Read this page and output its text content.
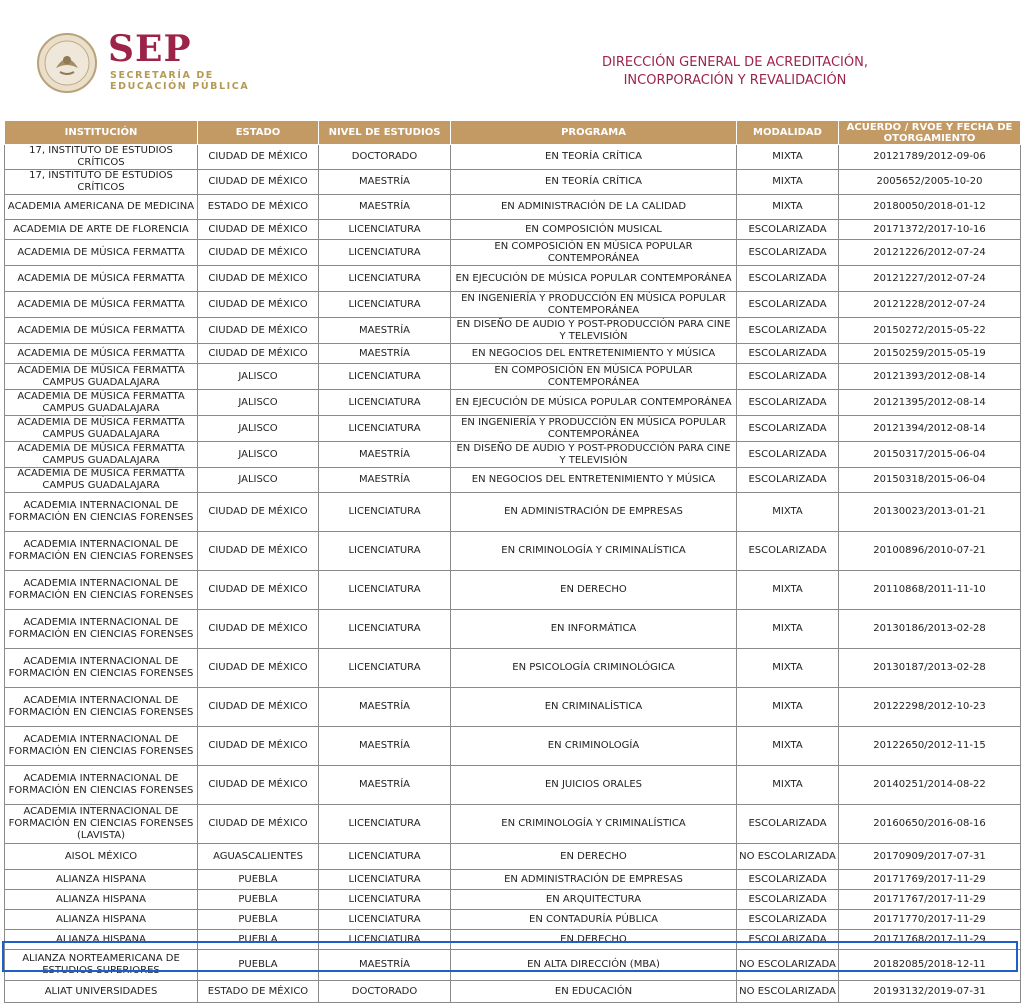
SEP
SECRETARÍA DE
EDUCACIÓN PÚBLICA
DIRECCIÓN GENERAL DE ACREDITACIÓN,
INCORPORACIÓN Y REVALIDACIÓN
INSTITUCIÓN	ESTADO	NIVEL DE ESTUDIOS	PROGRAMA	MODALIDAD	ACUERDO / RVOE Y FECHA DE OTORGAMIENTO
17, INSTITUTO DE ESTUDIOS CRÍTICOS	CIUDAD DE MÉXICO	DOCTORADO	EN TEORÍA CRÍTICA	MIXTA	20121789/2012-09-06
17, INSTITUTO DE ESTUDIOS CRÍTICOS	CIUDAD DE MÉXICO	MAESTRÍA	EN TEORÍA CRÍTICA	MIXTA	2005652/2005-10-20
ACADEMIA AMERICANA DE MEDICINA	ESTADO DE MÉXICO	MAESTRÍA	EN ADMINISTRACIÓN DE LA CALIDAD	MIXTA	20180050/2018-01-12
ACADEMIA DE ARTE DE FLORENCIA	CIUDAD DE MÉXICO	LICENCIATURA	EN COMPOSICIÓN MUSICAL	ESCOLARIZADA	20171372/2017-10-16
ACADEMIA DE MÚSICA FERMATTA	CIUDAD DE MÉXICO	LICENCIATURA	EN COMPOSICIÓN EN MÚSICA POPULAR CONTEMPORÁNEA	ESCOLARIZADA	20121226/2012-07-24
ACADEMIA DE MÚSICA FERMATTA	CIUDAD DE MÉXICO	LICENCIATURA	EN EJECUCIÓN DE MÚSICA POPULAR CONTEMPORÁNEA	ESCOLARIZADA	20121227/2012-07-24
ACADEMIA DE MÚSICA FERMATTA	CIUDAD DE MÉXICO	LICENCIATURA	EN INGENIERÍA Y PRODUCCIÓN EN MÚSICA POPULAR CONTEMPORÁNEA	ESCOLARIZADA	20121228/2012-07-24
ACADEMIA DE MÚSICA FERMATTA	CIUDAD DE MÉXICO	MAESTRÍA	EN DISEÑO DE AUDIO Y POST-PRODUCCIÓN PARA CINE Y TELEVISIÓN	ESCOLARIZADA	20150272/2015-05-22
ACADEMIA DE MÚSICA FERMATTA	CIUDAD DE MÉXICO	MAESTRÍA	EN NEGOCIOS DEL ENTRETENIMIENTO Y MÚSICA	ESCOLARIZADA	20150259/2015-05-19
ACADEMIA DE MÚSICA FERMATTA CAMPUS GUADALAJARA	JALISCO	LICENCIATURA	EN COMPOSICIÓN EN MÚSICA POPULAR CONTEMPORÁNEA	ESCOLARIZADA	20121393/2012-08-14
ACADEMIA DE MÚSICA FERMATTA CAMPUS GUADALAJARA	JALISCO	LICENCIATURA	EN EJECUCIÓN DE MÚSICA POPULAR CONTEMPORÁNEA	ESCOLARIZADA	20121395/2012-08-14
ACADEMIA DE MÚSICA FERMATTA CAMPUS GUADALAJARA	JALISCO	LICENCIATURA	EN INGENIERÍA Y PRODUCCIÓN EN MÚSICA POPULAR CONTEMPORÁNEA	ESCOLARIZADA	20121394/2012-08-14
ACADEMIA DE MÚSICA FERMATTA CAMPUS GUADALAJARA	JALISCO	MAESTRÍA	EN DISEÑO DE AUDIO Y POST-PRODUCCIÓN PARA CINE Y TELEVISIÓN	ESCOLARIZADA	20150317/2015-06-04
ACADEMIA DE MÚSICA FERMATTA CAMPUS GUADALAJARA	JALISCO	MAESTRÍA	EN NEGOCIOS DEL ENTRETENIMIENTO Y MÚSICA	ESCOLARIZADA	20150318/2015-06-04
ACADEMIA INTERNACIONAL DE FORMACIÓN EN CIENCIAS FORENSES	CIUDAD DE MÉXICO	LICENCIATURA	EN ADMINISTRACIÓN DE EMPRESAS	MIXTA	20130023/2013-01-21
ACADEMIA INTERNACIONAL DE FORMACIÓN EN CIENCIAS FORENSES	CIUDAD DE MÉXICO	LICENCIATURA	EN CRIMINOLOGÍA Y CRIMINALÍSTICA	ESCOLARIZADA	20100896/2010-07-21
ACADEMIA INTERNACIONAL DE FORMACIÓN EN CIENCIAS FORENSES	CIUDAD DE MÉXICO	LICENCIATURA	EN DERECHO	MIXTA	20110868/2011-11-10
ACADEMIA INTERNACIONAL DE FORMACIÓN EN CIENCIAS FORENSES	CIUDAD DE MÉXICO	LICENCIATURA	EN INFORMÁTICA	MIXTA	20130186/2013-02-28
ACADEMIA INTERNACIONAL DE FORMACIÓN EN CIENCIAS FORENSES	CIUDAD DE MÉXICO	LICENCIATURA	EN PSICOLOGÍA CRIMINOLÓGICA	MIXTA	20130187/2013-02-28
ACADEMIA INTERNACIONAL DE FORMACIÓN EN CIENCIAS FORENSES	CIUDAD DE MÉXICO	MAESTRÍA	EN CRIMINALÍSTICA	MIXTA	20122298/2012-10-23
ACADEMIA INTERNACIONAL DE FORMACIÓN EN CIENCIAS FORENSES	CIUDAD DE MÉXICO	MAESTRÍA	EN CRIMINOLOGÍA	MIXTA	20122650/2012-11-15
ACADEMIA INTERNACIONAL DE FORMACIÓN EN CIENCIAS FORENSES	CIUDAD DE MÉXICO	MAESTRÍA	EN JUICIOS ORALES	MIXTA	20140251/2014-08-22
ACADEMIA INTERNACIONAL DE FORMACIÓN EN CIENCIAS FORENSES (LAVISTA)	CIUDAD DE MÉXICO	LICENCIATURA	EN CRIMINOLOGÍA Y CRIMINALÍSTICA	ESCOLARIZADA	20160650/2016-08-16
AISOL MÉXICO	AGUASCALIENTES	LICENCIATURA	EN DERECHO	NO ESCOLARIZADA	20170909/2017-07-31
ALIANZA HISPANA	PUEBLA	LICENCIATURA	EN ADMINISTRACIÓN DE EMPRESAS	ESCOLARIZADA	20171769/2017-11-29
ALIANZA HISPANA	PUEBLA	LICENCIATURA	EN ARQUITECTURA	ESCOLARIZADA	20171767/2017-11-29
ALIANZA HISPANA	PUEBLA	LICENCIATURA	EN CONTADURÍA PÚBLICA	ESCOLARIZADA	20171770/2017-11-29
ALIANZA HISPANA	PUEBLA	LICENCIATURA	EN DERECHO	ESCOLARIZADA	20171768/2017-11-29
ALIANZA NORTEAMERICANA DE ESTUDIOS SUPERIORES	PUEBLA	MAESTRÍA	EN ALTA DIRECCIÓN (MBA)	NO ESCOLARIZADA	20182085/2018-12-11
ALIAT UNIVERSIDADES	ESTADO DE MÉXICO	DOCTORADO	EN EDUCACIÓN	NO ESCOLARIZADA	20193132/2019-07-31
